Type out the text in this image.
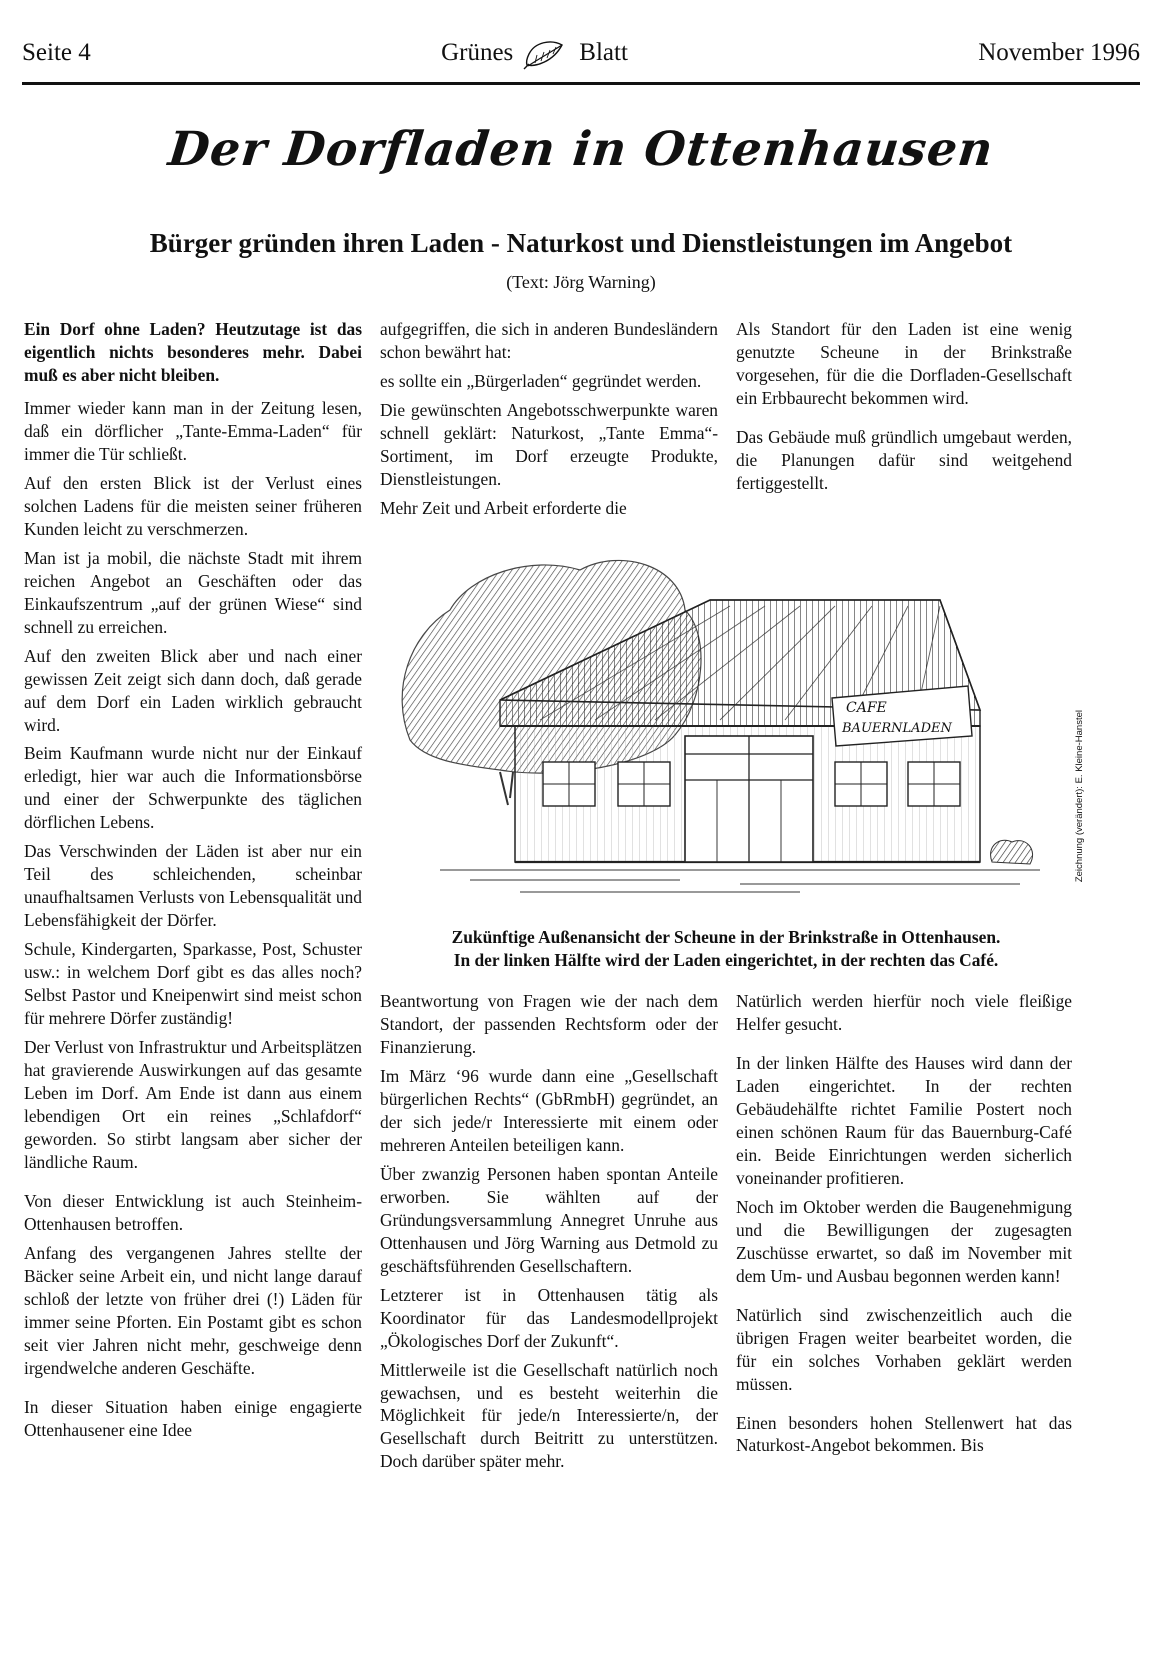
Seite 4	Grünes	Blatt	November 1996
Der Dorfladen in Ottenhausen
Bürger gründen ihren Laden - Naturkost und Dienstleistungen im Angebot
(Text: Jörg Warning)

Ein Dorf ohne Laden? Heutzutage ist das eigentlich nichts besonderes mehr. Dabei muß es aber nicht bleiben.

Immer wieder kann man in der Zeitung lesen, daß ein dörflicher „Tante-Emma-Laden“ für immer die Tür schließt.

Auf den ersten Blick ist der Verlust eines solchen Ladens für die meisten seiner früheren Kunden leicht zu verschmerzen.

Man ist ja mobil, die nächste Stadt mit ihrem reichen Angebot an Geschäften oder das Einkaufszentrum „auf der grünen Wiese“ sind schnell zu erreichen.

Auf den zweiten Blick aber und nach einer gewissen Zeit zeigt sich dann doch, daß gerade auf dem Dorf ein Laden wirklich gebraucht wird.

Beim Kaufmann wurde nicht nur der Einkauf erledigt, hier war auch die Informationsbörse und einer der Schwerpunkte des täglichen dörflichen Lebens.

Das Verschwinden der Läden ist aber nur ein Teil des schleichenden, scheinbar unaufhaltsamen Verlusts von Lebensqualität und Lebensfähigkeit der Dörfer.

Schule, Kindergarten, Sparkasse, Post, Schuster usw.: in welchem Dorf gibt es das alles noch? Selbst Pastor und Kneipenwirt sind meist schon für mehrere Dörfer zuständig!

Der Verlust von Infrastruktur und Arbeitsplätzen hat gravierende Auswirkungen auf das gesamte Leben im Dorf. Am Ende ist dann aus einem lebendigen Ort ein reines „Schlafdorf“ geworden. So stirbt langsam aber sicher der ländliche Raum.

Von dieser Entwicklung ist auch Steinheim-Ottenhausen betroffen.

Anfang des vergangenen Jahres stellte der Bäcker seine Arbeit ein, und nicht lange darauf schloß der letzte von früher drei (!) Läden für immer seine Pforten. Ein Postamt gibt es schon seit vier Jahren nicht mehr, geschweige denn irgendwelche anderen Geschäfte.

In dieser Situation haben einige engagierte Ottenhausener eine Idee

aufgegriffen, die sich in anderen Bundesländern schon bewährt hat:

es sollte ein „Bürgerladen“ gegründet werden.

Die gewünschten Angebotsschwerpunkte waren schnell geklärt: Naturkost, „Tante Emma“-Sortiment, im Dorf erzeugte Produkte, Dienstleistungen.

Mehr Zeit und Arbeit erforderte die

Als Standort für den Laden ist eine wenig genutzte Scheune in der Brinkstraße vorgesehen, für die die Dorfladen-Gesellschaft ein Erbbaurecht bekommen wird.

Das Gebäude muß gründlich umgebaut werden, die Planungen dafür sind weitgehend fertiggestellt.

CAFE
BAUERNLADEN	Zeichnung (verändert): E. Kleine-Hanstel
Zukünftige Außenansicht der Scheune in der Brinkstraße in Ottenhausen.
In der linken Hälfte wird der Laden eingerichtet, in der rechten das Café.

Beantwortung von Fragen wie der nach dem Standort, der passenden Rechtsform oder der Finanzierung.

Im März ‘96 wurde dann eine „Gesellschaft bürgerlichen Rechts“ (GbRmbH) gegründet, an der sich jede/r Interessierte mit einem oder mehreren Anteilen beteiligen kann.

Über zwanzig Personen haben spontan Anteile erworben. Sie wählten auf der Gründungsversammlung Annegret Unruhe aus Ottenhausen und Jörg Warning aus Detmold zu geschäftsführenden Gesellschaftern.

Letzterer ist in Ottenhausen tätig als Koordinator für das Landesmodellprojekt „Ökologisches Dorf der Zukunft“.

Mittlerweile ist die Gesellschaft natürlich noch gewachsen, und es besteht weiterhin die Möglichkeit für jede/n Interessierte/n, der Gesellschaft durch Beitritt zu unterstützen. Doch darüber später mehr.

Natürlich werden hierfür noch viele fleißige Helfer gesucht.

In der linken Hälfte des Hauses wird dann der Laden eingerichtet. In der rechten Gebäudehälfte richtet Familie Postert noch einen schönen Raum für das Bauernburg-Café ein. Beide Einrichtungen werden sicherlich voneinander profitieren.

Noch im Oktober werden die Baugenehmigung und die Bewilligungen der zugesagten Zuschüsse erwartet, so daß im November mit dem Um- und Ausbau begonnen werden kann!

Natürlich sind zwischenzeitlich auch die übrigen Fragen weiter bearbeitet worden, die für ein solches Vorhaben geklärt werden müssen.

Einen besonders hohen Stellenwert hat das Naturkost-Angebot bekommen. Bis
